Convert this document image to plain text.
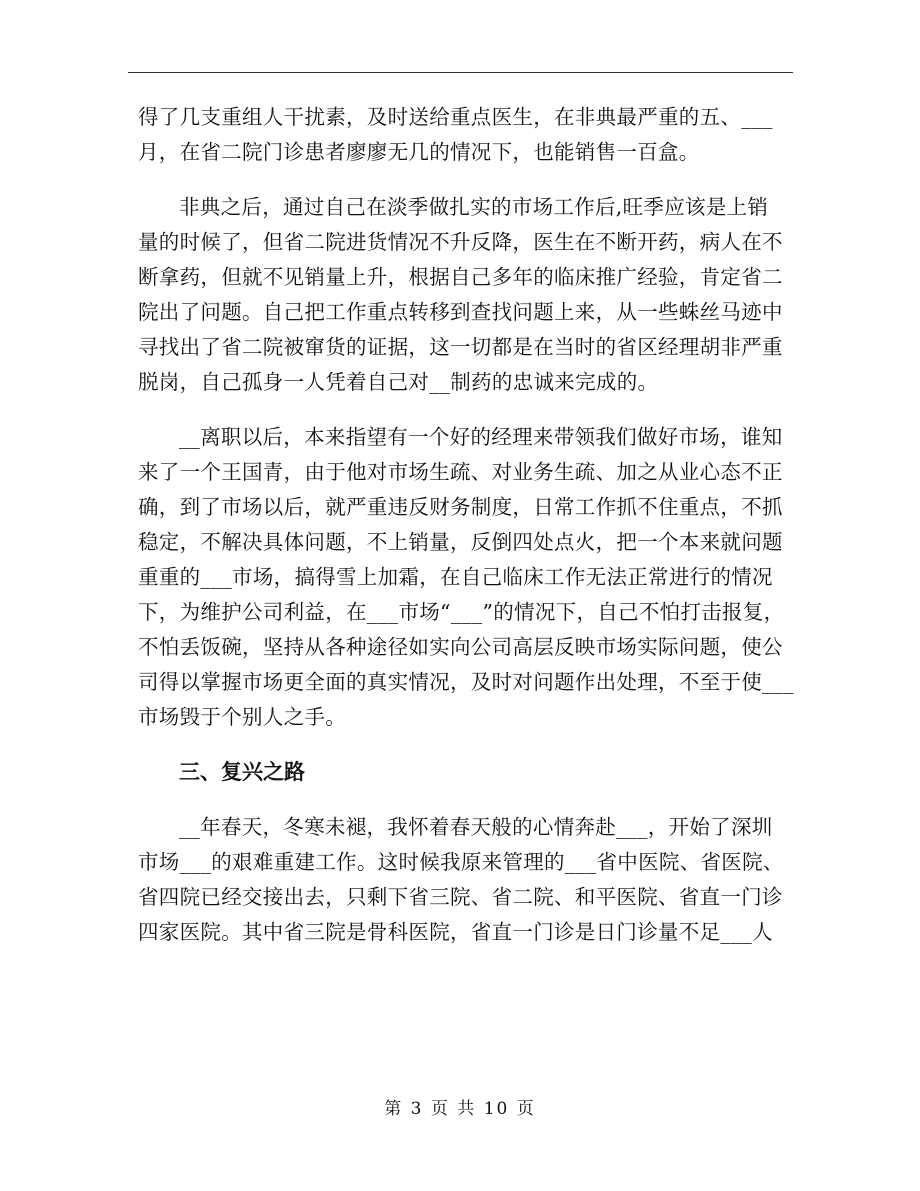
得了几支重组人干扰素，及时送给重点医生，在非典最严重的五、___
月，在省二院门诊患者廖廖无几的情况下，也能销售一百盒。
非典之后，通过自己在淡季做扎实的市场工作后,旺季应该是上销
量的时候了，但省二院进货情况不升反降，医生在不断开药，病人在不
断拿药，但就不见销量上升，根据自己多年的临床推广经验，肯定省二
院出了问题。自己把工作重点转移到查找问题上来，从一些蛛丝马迹中
寻找出了省二院被窜货的证据，这一切都是在当时的省区经理胡非严重
脱岗，自己孤身一人凭着自己对__制药的忠诚来完成的。
__离职以后，本来指望有一个好的经理来带领我们做好市场，谁知
来了一个王国青，由于他对市场生疏、对业务生疏、加之从业心态不正
确，到了市场以后，就严重违反财务制度，日常工作抓不住重点，不抓
稳定，不解决具体问题，不上销量，反倒四处点火，把一个本来就问题
重重的___市场，搞得雪上加霜，在自己临床工作无法正常进行的情况
下，为维护公司利益，在___市场“___”的情况下，自己不怕打击报复，
不怕丢饭碗，坚持从各种途径如实向公司高层反映市场实际问题，使公
司得以掌握市场更全面的真实情况，及时对问题作出处理，不至于使___
市场毁于个别人之手。
三、复兴之路
__年春天，冬寒未褪，我怀着春天般的心情奔赴___，开始了深圳
市场___的艰难重建工作。这时候我原来管理的___省中医院、省医院、
省四院已经交接出去，只剩下省三院、省二院、和平医院、省直一门诊
四家医院。其中省三院是骨科医院，省直一门诊是日门诊量不足___人
第 3 页 共 10 页
